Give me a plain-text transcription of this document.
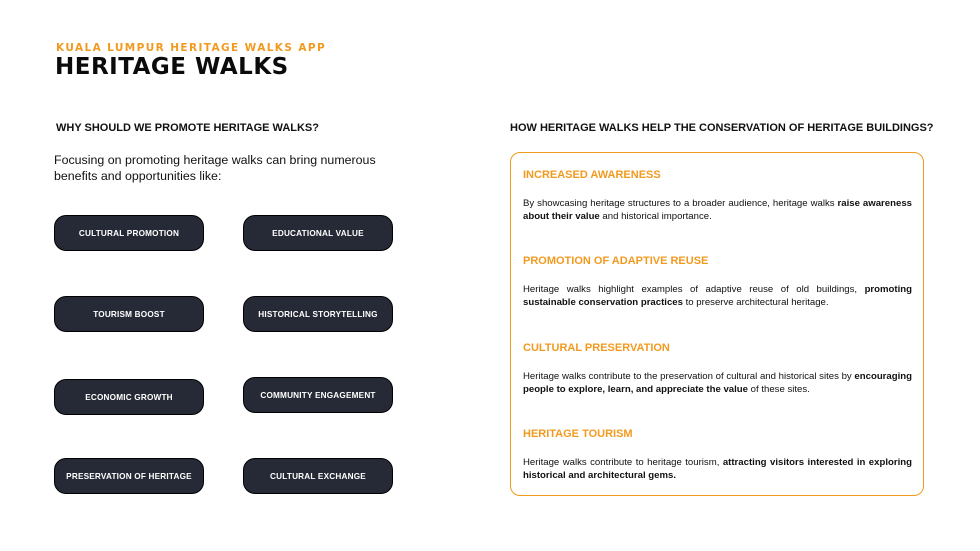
KUALA LUMPUR HERITAGE WALKS APP
HERITAGE WALKS
WHY SHOULD WE PROMOTE HERITAGE WALKS?
Focusing on promoting heritage walks can bring numerous benefits and opportunities like:
CULTURAL PROMOTION	EDUCATIONAL VALUE
TOURISM BOOST	HISTORICAL STORYTELLING
ECONOMIC GROWTH	COMMUNITY ENGAGEMENT
PRESERVATION OF HERITAGE	CULTURAL EXCHANGE
HOW HERITAGE WALKS HELP THE CONSERVATION OF HERITAGE BUILDINGS?
INCREASED AWARENESS

By showcasing heritage structures to a broader audience, heritage walks raise awareness about their value and historical importance.

PROMOTION OF ADAPTIVE REUSE

Heritage walks highlight examples of adaptive reuse of old buildings, promoting sustainable conservation practices to preserve architectural heritage.

CULTURAL PRESERVATION

Heritage walks contribute to the preservation of cultural and historical sites by encouraging people to explore, learn, and appreciate the value of these sites.

HERITAGE TOURISM

Heritage walks contribute to heritage tourism, attracting visitors interested in exploring historical and architectural gems.
